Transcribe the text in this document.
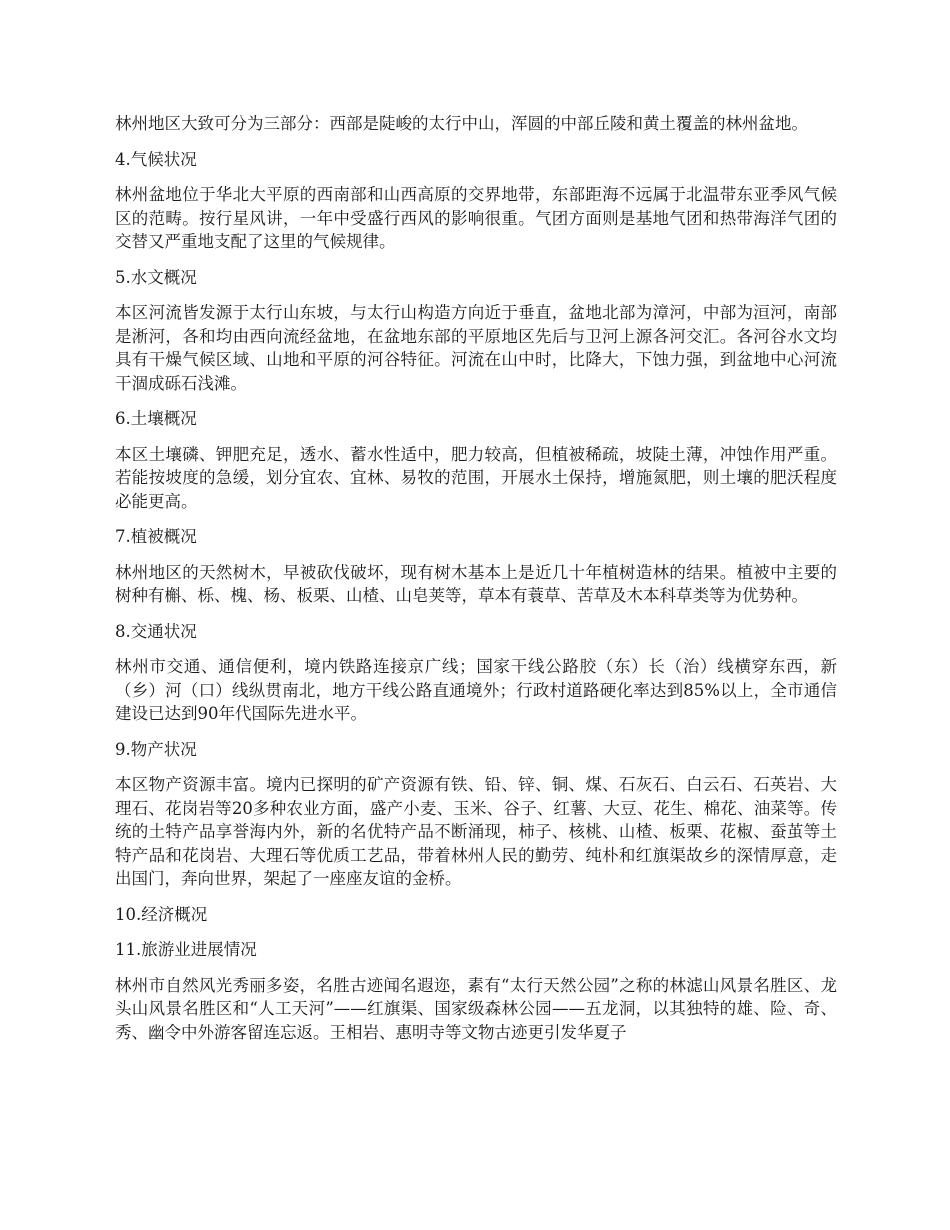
林州地区大致可分为三部分：西部是陡峻的太行中山，浑圆的中部丘陵和黄土覆盖的林州盆地。

4.气候状况

林州盆地位于华北大平原的西南部和山西高原的交界地带，东部距海不远属于北温带东亚季风气候区的范畴。按行星风讲，一年中受盛行西风的影响很重。气团方面则是基地气团和热带海洋气团的交替又严重地支配了这里的气候规律。

5.水文概况

本区河流皆发源于太行山东坡，与太行山构造方向近于垂直，盆地北部为漳河，中部为洹河，南部是淅河，各和均由西向流经盆地，在盆地东部的平原地区先后与卫河上源各河交汇。各河谷水文均具有干燥气候区域、山地和平原的河谷特征。河流在山中时，比降大，下蚀力强，到盆地中心河流干涸成砾石浅滩。

6.土壤概况

本区土壤磷、钾肥充足，透水、蓄水性适中，肥力较高，但植被稀疏，坡陡土薄，冲蚀作用严重。若能按坡度的急缓，划分宜农、宜林、易牧的范围，开展水土保持，增施氮肥，则土壤的肥沃程度必能更高。

7.植被概况

林州地区的天然树木，早被砍伐破坏，现有树木基本上是近几十年植树造林的结果。植被中主要的树种有槲、栎、槐、杨、板栗、山楂、山皂荚等，草本有蓑草、苦草及木本科草类等为优势种。

8.交通状况

林州市交通、通信便利，境内铁路连接京广线；国家干线公路胶（东）长（治）线横穿东西，新（乡）河（口）线纵贯南北，地方干线公路直通境外；行政村道路硬化率达到85%以上，全市通信建设已达到90年代国际先进水平。

9.物产状况

本区物产资源丰富。境内已探明的矿产资源有铁、铅、锌、铜、煤、石灰石、白云石、石英岩、大理石、花岗岩等20多种农业方面，盛产小麦、玉米、谷子、红薯、大豆、花生、棉花、油菜等。传统的土特产品享誉海内外，新的名优特产品不断涌现，柿子、核桃、山楂、板栗、花椒、蚕茧等土特产品和花岗岩、大理石等优质工艺品，带着林州人民的勤劳、纯朴和红旗渠故乡的深情厚意，走出国门，奔向世界，架起了一座座友谊的金桥。

10.经济概况

11.旅游业进展情况

林州市自然风光秀丽多姿，名胜古迹闻名遐迩，素有“太行天然公园”之称的林滤山风景名胜区、龙头山风景名胜区和“人工天河”——红旗渠、国家级森林公园——五龙洞，以其独特的雄、险、奇、秀、幽令中外游客留连忘返。王相岩、惠明寺等文物古迹更引发华夏子
